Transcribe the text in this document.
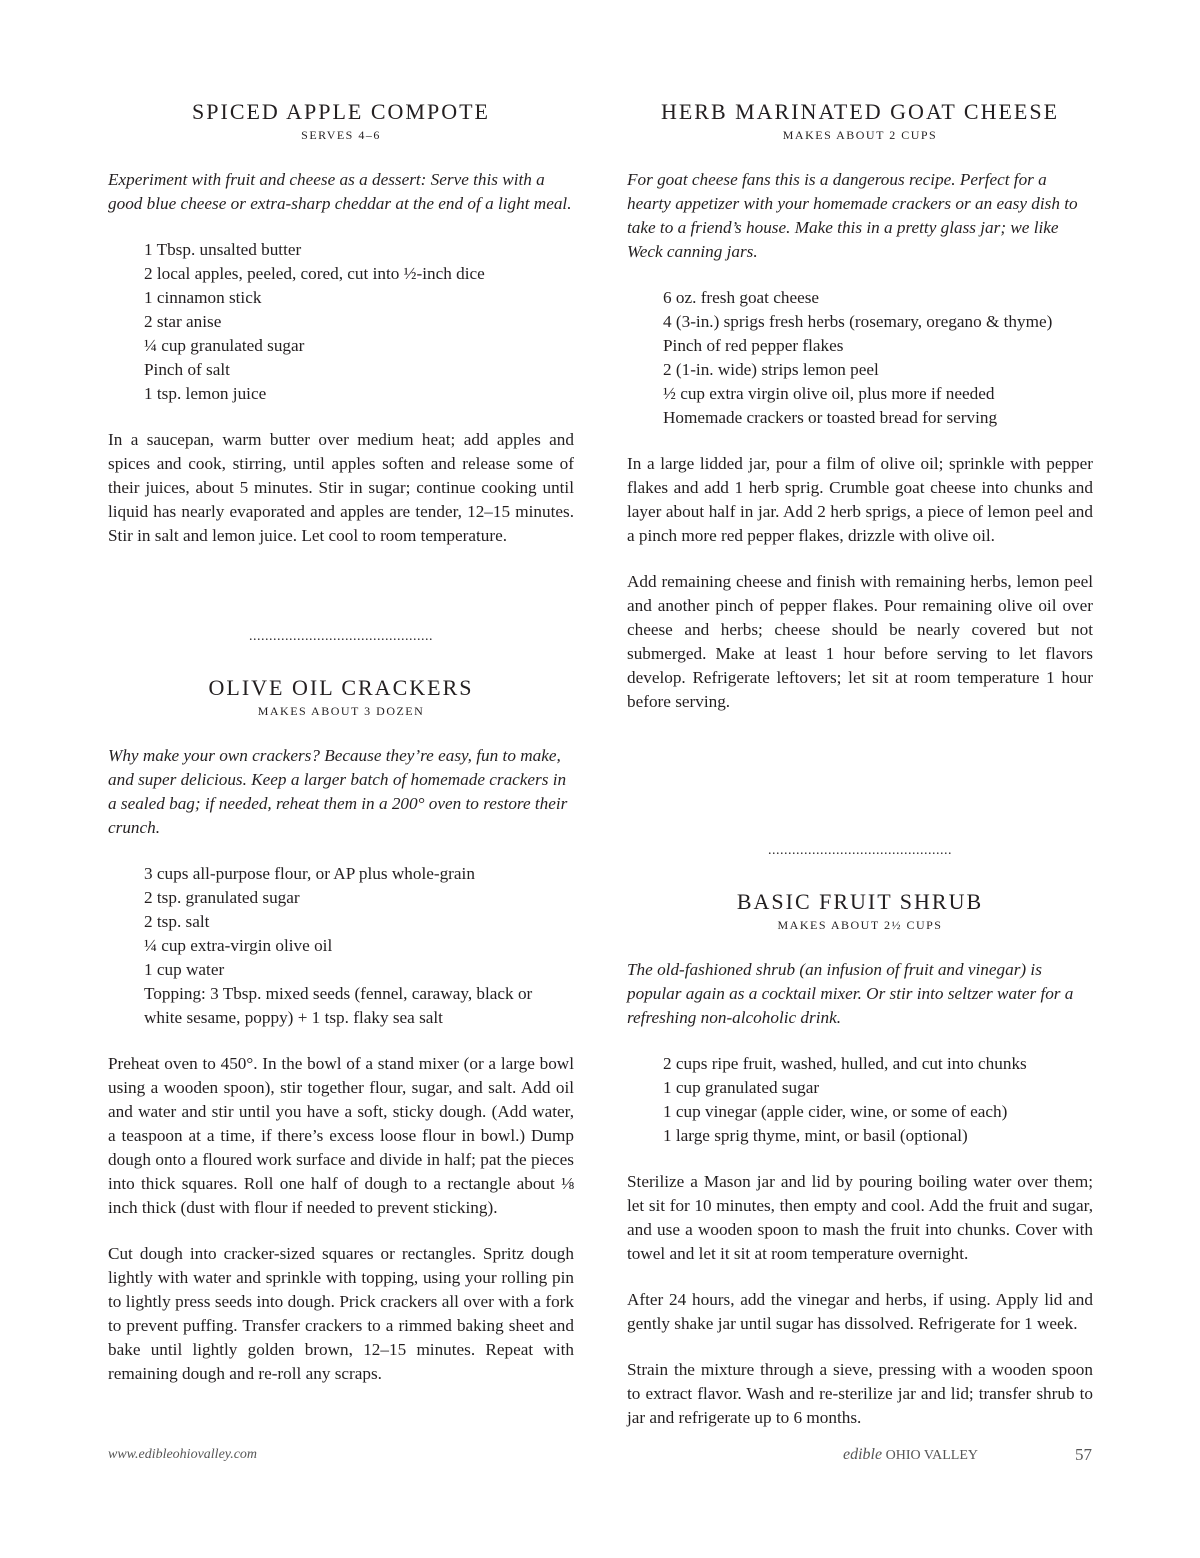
SPICED APPLE COMPOTE

SERVES 4–6

Experiment with fruit and cheese as a dessert: Serve this with a good blue cheese or extra-sharp cheddar at the end of a light meal.

1 Tbsp. unsalted butter
2 local apples, peeled, cored, cut into ½-inch dice
1 cinnamon stick
2 star anise
¼ cup granulated sugar
Pinch of salt
1 tsp. lemon juice

In a saucepan, warm butter over medium heat; add apples and spices and cook, stirring, until apples soften and release some of their juices, about 5 minutes. Stir in sugar; continue cooking until liquid has nearly evaporated and apples are tender, 12–15 minutes. Stir in salt and lemon juice. Let cool to room temperature.

..............................................
OLIVE OIL CRACKERS

MAKES ABOUT 3 DOZEN

Why make your own crackers? Because they’re easy, fun to make, and super delicious. Keep a larger batch of homemade crackers in a sealed bag; if needed, reheat them in a 200° oven to restore their crunch.

3 cups all-purpose flour, or AP plus whole-grain
2 tsp. granulated sugar
2 tsp. salt
¼ cup extra-virgin olive oil
1 cup water
Topping: 3 Tbsp. mixed seeds (fennel, caraway, black or white sesame, poppy) + 1 tsp. flaky sea salt

Preheat oven to 450°. In the bowl of a stand mixer (or a large bowl using a wooden spoon), stir together flour, sugar, and salt. Add oil and water and stir until you have a soft, sticky dough. (Add water, a teaspoon at a time, if there’s excess loose flour in bowl.) Dump dough onto a floured work surface and divide in half; pat the pieces into thick squares. Roll one half of dough to a rectangle about ⅛ inch thick (dust with flour if needed to prevent sticking).

Cut dough into cracker-sized squares or rectangles. Spritz dough lightly with water and sprinkle with topping, using your rolling pin to lightly press seeds into dough. Prick crackers all over with a fork to prevent puffing. Transfer crackers to a rimmed baking sheet and bake until lightly golden brown, 12–15 minutes. Repeat with remaining dough and re-roll any scraps.

HERB MARINATED GOAT CHEESE

MAKES ABOUT 2 CUPS

For goat cheese fans this is a dangerous recipe. Perfect for a hearty appetizer with your homemade crackers or an easy dish to take to a friend’s house. Make this in a pretty glass jar; we like Weck canning jars.

6 oz. fresh goat cheese
4 (3-in.) sprigs fresh herbs (rosemary, oregano & thyme)
Pinch of red pepper flakes
2 (1-in. wide) strips lemon peel
½ cup extra virgin olive oil, plus more if needed
Homemade crackers or toasted bread for serving

In a large lidded jar, pour a film of olive oil; sprinkle with pepper flakes and add 1 herb sprig. Crumble goat cheese into chunks and layer about half in jar. Add 2 herb sprigs, a piece of lemon peel and a pinch more red pepper flakes, drizzle with olive oil.

Add remaining cheese and finish with remaining herbs, lemon peel and another pinch of pepper flakes. Pour remaining olive oil over cheese and herbs; cheese should be nearly covered but not submerged. Make at least 1 hour before serving to let flavors develop. Refrigerate leftovers; let sit at room temperature 1 hour before serving.

..............................................
BASIC FRUIT SHRUB

MAKES ABOUT 2½ CUPS

The old-fashioned shrub (an infusion of fruit and vinegar) is popular again as a cocktail mixer. Or stir into seltzer water for a refreshing non-alcoholic drink.

2 cups ripe fruit, washed, hulled, and cut into chunks
1 cup granulated sugar
1 cup vinegar (apple cider, wine, or some of each)
1 large sprig thyme, mint, or basil (optional)

Sterilize a Mason jar and lid by pouring boiling water over them; let sit for 10 minutes, then empty and cool. Add the fruit and sugar, and use a wooden spoon to mash the fruit into chunks. Cover with towel and let it sit at room temperature overnight.

After 24 hours, add the vinegar and herbs, if using. Apply lid and gently shake jar until sugar has dissolved. Refrigerate for 1 week.

Strain the mixture through a sieve, pressing with a wooden spoon to extract flavor. Wash and re-sterilize jar and lid; transfer shrub to jar and refrigerate up to 6 months.

www.edibleohiovalley.com	edible OHIO VALLEY	57
